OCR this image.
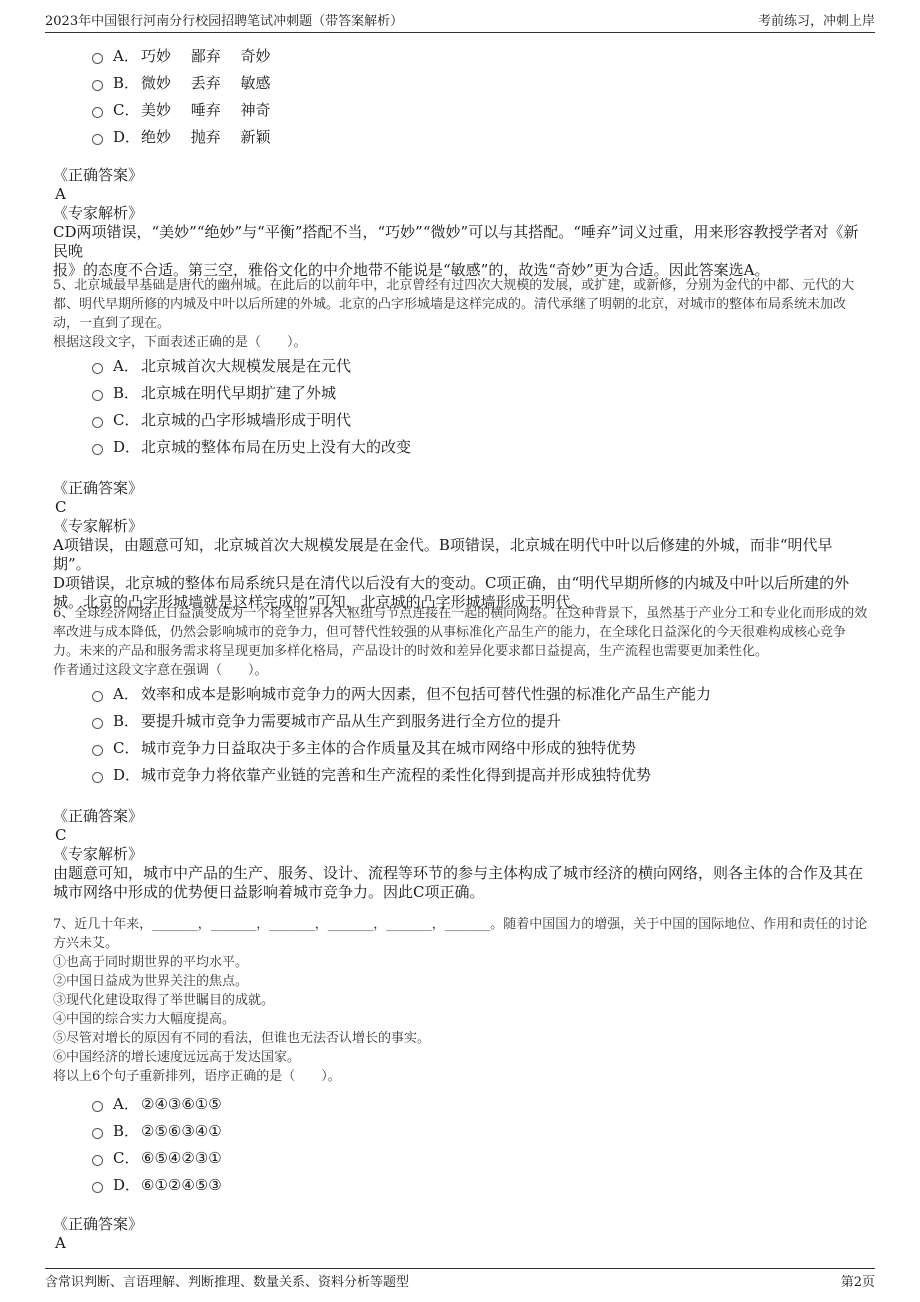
2023年中国银行河南分行校园招聘笔试冲刺题（带答案解析）	考前练习，冲刺上岸
A． 巧妙　 鄙弃　 奇妙
B． 微妙　 丢弃　 敏感
C． 美妙　 唾弃　 神奇
D． 绝妙　 抛弃　 新颖

《正确答案》

A

《专家解析》

CD两项错误，“美妙”“绝妙”与“平衡”搭配不当，“巧妙”“微妙”可以与其搭配。“唾弃”词义过重，用来形容教授学者对《新民晚

报》的态度不合适。第三空，雅俗文化的中介地带不能说是“敏感”的，故选“奇妙”更为合适。因此答案选A。

5、北京城最早基础是唐代的幽州城。在此后的以前年中，北京曾经有过四次大规模的发展，或扩建，或新修，分别为金代的中都、元代的大

都、明代早期所修的内城及中叶以后所建的外城。北京的凸字形城墙是这样完成的。清代承继了明朝的北京，对城市的整体布局系统未加改

动，一直到了现在。

根据这段文字，下面表述正确的是（　　）。

A． 北京城首次大规模发展是在元代
B． 北京城在明代早期扩建了外城
C． 北京城的凸字形城墙形成于明代
D． 北京城的整体布局在历史上没有大的改变

《正确答案》

C

《专家解析》

A项错误，由题意可知，北京城首次大规模发展是在金代。B项错误，北京城在明代中叶以后修建的外城，而非“明代早期”。

D项错误，北京城的整体布局系统只是在清代以后没有大的变动。C项正确，由“明代早期所修的内城及中叶以后所建的外

城。北京的凸字形城墙就是这样完成的”可知，北京城的凸字形城墙形成于明代。

6、全球经济网络正日益演变成为一个将全世界各大枢纽与节点连接在一起的横向网络。在这种背景下，虽然基于产业分工和专业化而形成的效

率改进与成本降低，仍然会影响城市的竞争力，但可替代性较强的从事标准化产品生产的能力，在全球化日益深化的今天很难构成核心竞争

力。未来的产品和服务需求将呈现更加多样化格局，产品设计的时效和差异化要求都日益提高，生产流程也需要更加柔性化。

作者通过这段文字意在强调（　　）。

A． 效率和成本是影响城市竞争力的两大因素，但不包括可替代性强的标准化产品生产能力
B． 要提升城市竞争力需要城市产品从生产到服务进行全方位的提升
C． 城市竞争力日益取决于多主体的合作质量及其在城市网络中形成的独特优势
D． 城市竞争力将依靠产业链的完善和生产流程的柔性化得到提高并形成独特优势

《正确答案》

C

《专家解析》

由题意可知，城市中产品的生产、服务、设计、流程等环节的参与主体构成了城市经济的横向网络，则各主体的合作及其在

城市网络中形成的优势便日益影响着城市竞争力。因此C项正确。

7、近几十年来，_______，_______，_______，_______，_______，_______。随着中国国力的增强，关于中国的国际地位、作用和责任的讨论

方兴未艾。

①也高于同时期世界的平均水平。

②中国日益成为世界关注的焦点。

③现代化建设取得了举世瞩目的成就。

④中国的综合实力大幅度提高。

⑤尽管对增长的原因有不同的看法，但谁也无法否认增长的事实。

⑥中国经济的增长速度远远高于发达国家。

将以上6个句子重新排列，语序正确的是（　　）。

A． ②④③⑥①⑤
B． ②⑤⑥③④①
C． ⑥⑤④②③①
D． ⑥①②④⑤③

《正确答案》

A

含常识判断、言语理解、判断推理、数量关系、资料分析等题型	第2页
